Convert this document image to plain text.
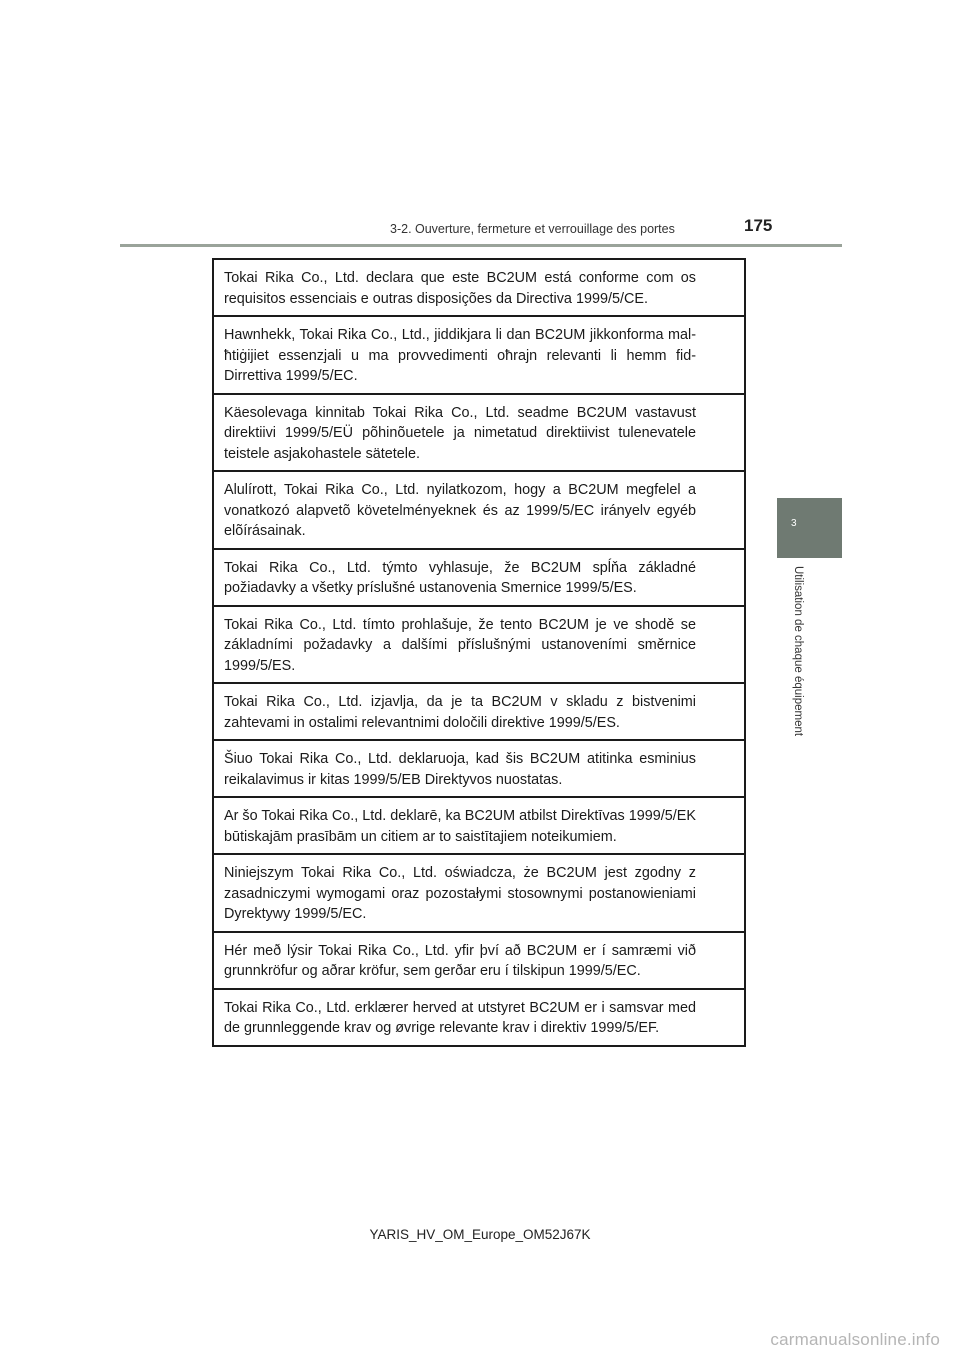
3-2. Ouverture, fermeture et verrouillage des portes	175
3
Utilisation de chaque équipement
Tokai Rika Co., Ltd. declara que este BC2UM está conforme com os requisitos essenciais e outras disposições da Directiva 1999/5/CE.
Hawnhekk, Tokai Rika Co., Ltd., jiddikjara li dan BC2UM jikkonforma mal-ħtiġijiet essenzjali u ma provvedimenti oħrajn relevanti li hemm fid-Dirrettiva 1999/5/EC.
Käesolevaga kinnitab Tokai Rika Co., Ltd. seadme BC2UM vastavust direktiivi 1999/5/EÜ põhinõuetele ja nimetatud direktiivist tulenevatele teistele asjakohastele sätetele.
Alulírott, Tokai Rika Co., Ltd. nyilatkozom, hogy a BC2UM megfelel a vonatkozó alapvetõ követelményeknek és az 1999/5/EC irányelv egyéb elõírásainak.
Tokai Rika Co., Ltd. týmto vyhlasuje, že BC2UM spĺňa základné požiadavky a všetky príslušné ustanovenia Smernice 1999/5/ES.
Tokai Rika Co., Ltd. tímto prohlašuje, že tento BC2UM je ve shodě se základními požadavky a dalšími příslušnými ustanoveními směrnice 1999/5/ES.
Tokai Rika Co., Ltd. izjavlja, da je ta BC2UM v skladu z bistvenimi zahtevami in ostalimi relevantnimi določili direktive 1999/5/ES.
Šiuo Tokai Rika Co., Ltd. deklaruoja, kad šis BC2UM atitinka esminius reikalavimus ir kitas 1999/5/EB Direktyvos nuostatas.
Ar šo Tokai Rika Co., Ltd. deklarē, ka BC2UM atbilst Direktīvas 1999/5/EK būtiskajām prasībām un citiem ar to saistītajiem noteikumiem.
Niniejszym Tokai Rika Co., Ltd. oświadcza, że BC2UM jest zgodny z zasadniczymi wymogami oraz pozostałymi stosownymi postanowieniami Dyrektywy 1999/5/EC.
Hér með lýsir Tokai Rika Co., Ltd. yfir því að BC2UM er í samræmi við grunnkröfur og aðrar kröfur, sem gerðar eru í tilskipun 1999/5/EC.
Tokai Rika Co., Ltd. erklærer herved at utstyret BC2UM er i samsvar med de grunnleggende krav og øvrige relevante krav i direktiv 1999/5/EF.
YARIS_HV_OM_Europe_OM52J67K
carmanualsonline.info
